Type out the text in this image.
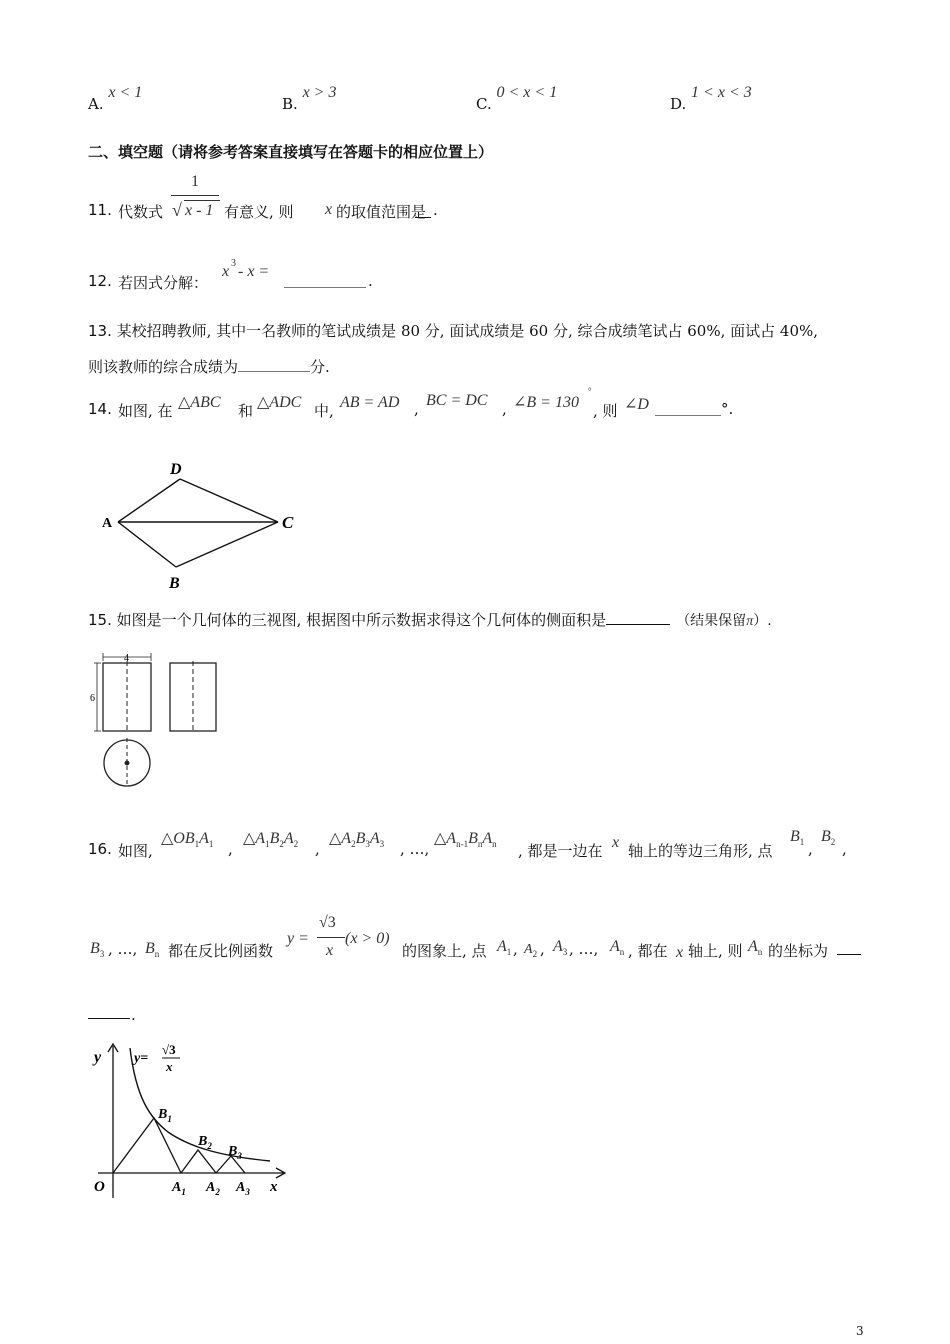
A. x < 1
B. x > 3
C. 0 < x < 1
D. 1 < x < 3
二、填空题（请将参考答案直接填写在答题卡的相应位置上）
11. 代数式
1
√ x - 1 有意义, 则 x 的取值范围是 .
12. 若因式分解：
x 3 - x =
.
13. 某校招聘教师, 其中一名教师的笔试成绩是 80 分, 面试成绩是 60 分, 综合成绩笔试占 60%, 面试占 40%,
则该教师的综合成绩为	分.
14. 如图, 在 △ABC 和 △ADC 中, AB = AD , BC = DC , ∠B = 130
°
, 则 ∠D	°.
D
A	C
B
15. 如图是一个几何体的三视图, 根据图中所示数据求得这个几何体的侧面积是	（结果保留π）.
4
6
16. 如图,
$\triangle OB_1A_1$ ,
$\triangle A_1B_2A_2$ ,
$\triangle A_2B_3A_3$ , …,
$\triangle A_{n-1}B_nA_n$ , 都是一边在 x 轴上的等边三角形, 点
$B_1$ ,
$B_2$ ,
$B_3$ , …, $B_n$ 都在反比例函数
y =
√3
x
(x > 0)
的图象上, 点 $A_1$ , $A_2$ , $A_3$ , …, $A_n$ , 都在 x 轴上, 则 $A_n$ 的坐标为
.
y y=
√3
x
$B_1$
$B_2$ $B_3$
O	$A_1$ $A_2$ $A_3$ x
3
